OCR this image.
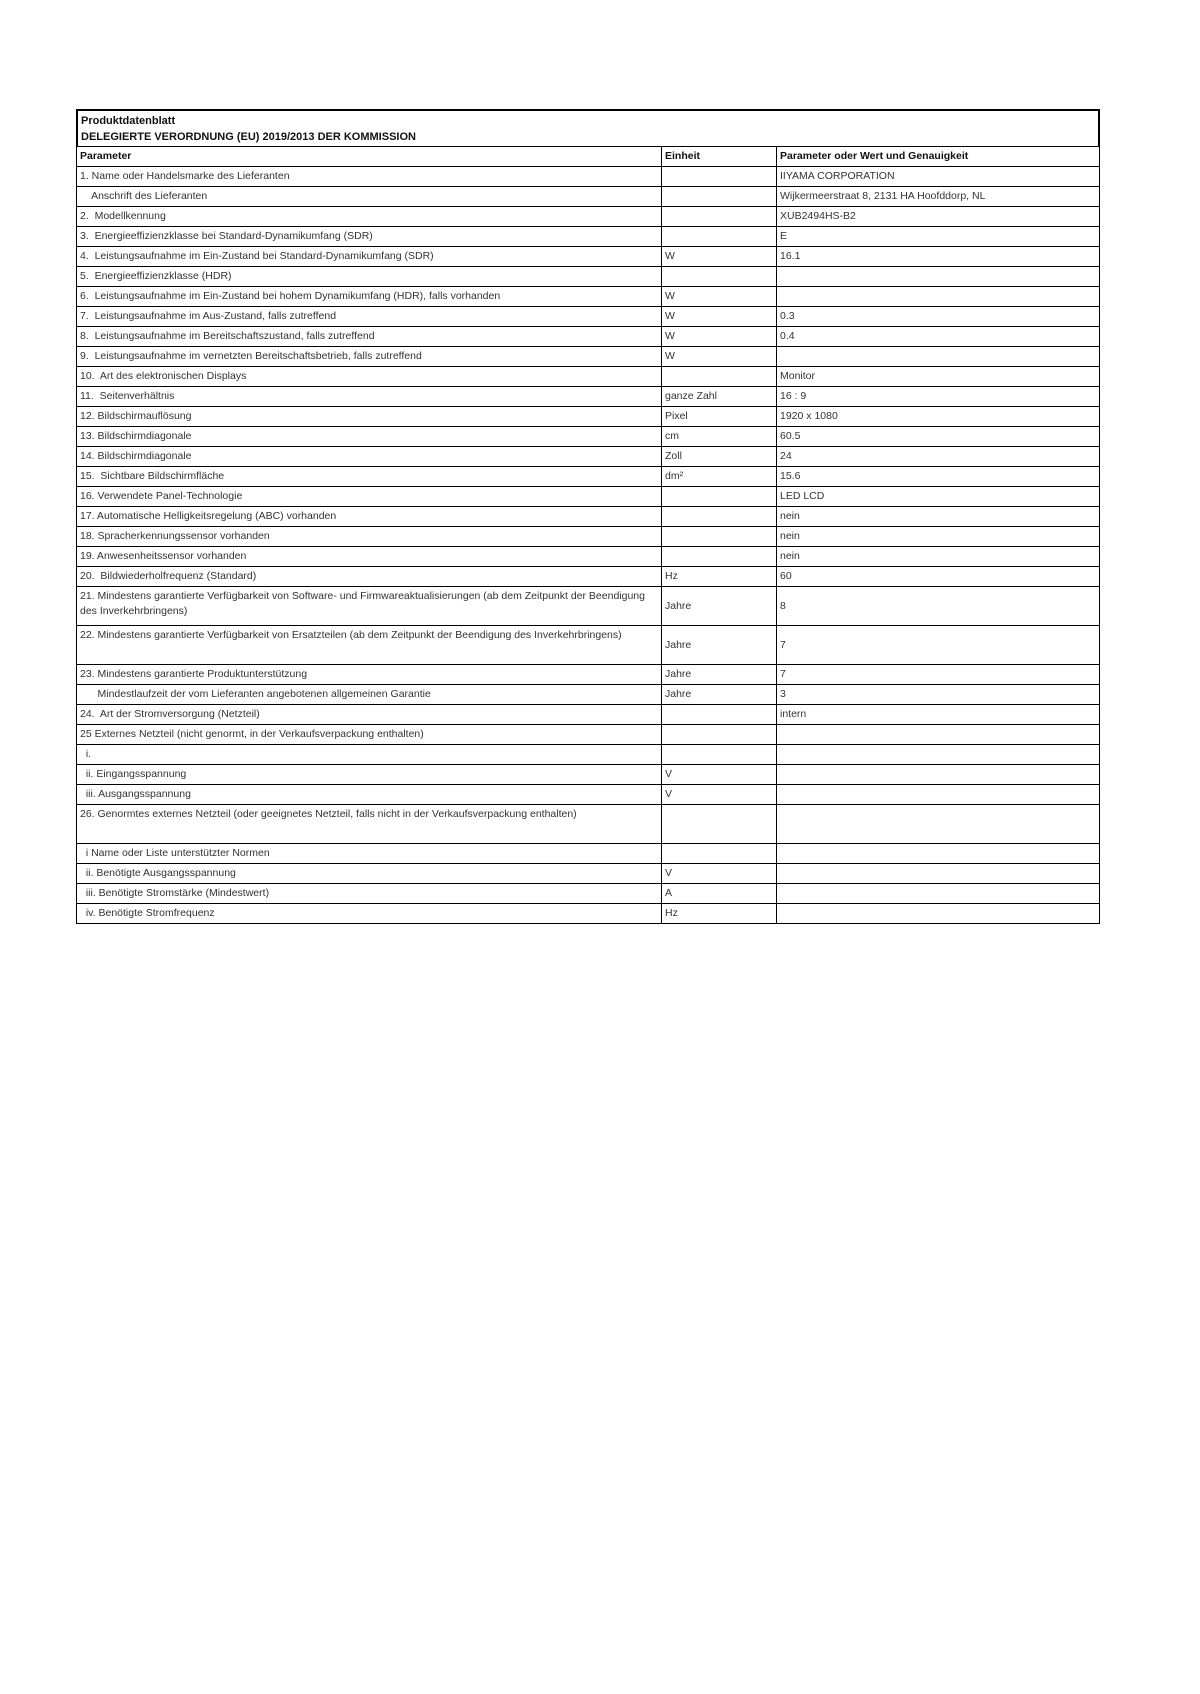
Produktdatenblatt
DELEGIERTE VERORDNUNG (EU) 2019/2013 DER KOMMISSION
Parameter	Einheit	Parameter oder Wert und Genauigkeit
1. Name oder Handelsmarke des Lieferanten		IIYAMA CORPORATION
Anschrift des Lieferanten		Wijkermeerstraat 8, 2131 HA Hoofddorp, NL
2.  Modellkennung		XUB2494HS-B2
3.  Energieeffizienzklasse bei Standard-Dynamikumfang (SDR)		E
4.  Leistungsaufnahme im Ein-Zustand bei Standard-Dynamikumfang (SDR)	W	16.1
5.  Energieeffizienzklasse (HDR)		
6.  Leistungsaufnahme im Ein-Zustand bei hohem Dynamikumfang (HDR), falls vorhanden	W	
7.  Leistungsaufnahme im Aus-Zustand, falls zutreffend	W	0.3
8.  Leistungsaufnahme im Bereitschaftszustand, falls zutreffend	W	0.4
9.  Leistungsaufnahme im vernetzten Bereitschaftsbetrieb, falls zutreffend	W	
10.  Art des elektronischen Displays		Monitor
11.  Seitenverhältnis	ganze Zahl	16 : 9
12. Bildschirmauflösung	Pixel	1920 x 1080
13. Bildschirmdiagonale	cm	60.5
14. Bildschirmdiagonale	Zoll	24
15.  Sichtbare Bildschirmfläche	dm²	15.6
16. Verwendete Panel-Technologie		LED LCD
17. Automatische Helligkeitsregelung (ABC) vorhanden		nein
18. Spracherkennungssensor vorhanden		nein
19. Anwesenheitssensor vorhanden		nein
20.  Bildwiederholfrequenz (Standard)	Hz	60
21. Mindestens garantierte Verfügbarkeit von Software- und Firmwareaktualisierungen (ab dem Zeitpunkt der Beendigung des Inverkehrbringens)	Jahre	8
22. Mindestens garantierte Verfügbarkeit von Ersatzteilen (ab dem Zeitpunkt der Beendigung des Inverkehrbringens)	Jahre	7
23. Mindestens garantierte Produktunterstützung	Jahre	7
Mindestlaufzeit der vom Lieferanten angebotenen allgemeinen Garantie	Jahre	3
24.  Art der Stromversorgung (Netzteil)		intern
25 Externes Netzteil (nicht genormt, in der Verkaufsverpackung enthalten)		
i.		
ii. Eingangsspannung	V	
iii. Ausgangsspannung	V	
26. Genormtes externes Netzteil (oder geeignetes Netzteil, falls nicht in der Verkaufsverpackung enthalten)		
i Name oder Liste unterstützter Normen		
ii. Benötigte Ausgangsspannung	V	
iii. Benötigte Stromstärke (Mindestwert)	A	
iv. Benötigte Stromfrequenz	Hz	
